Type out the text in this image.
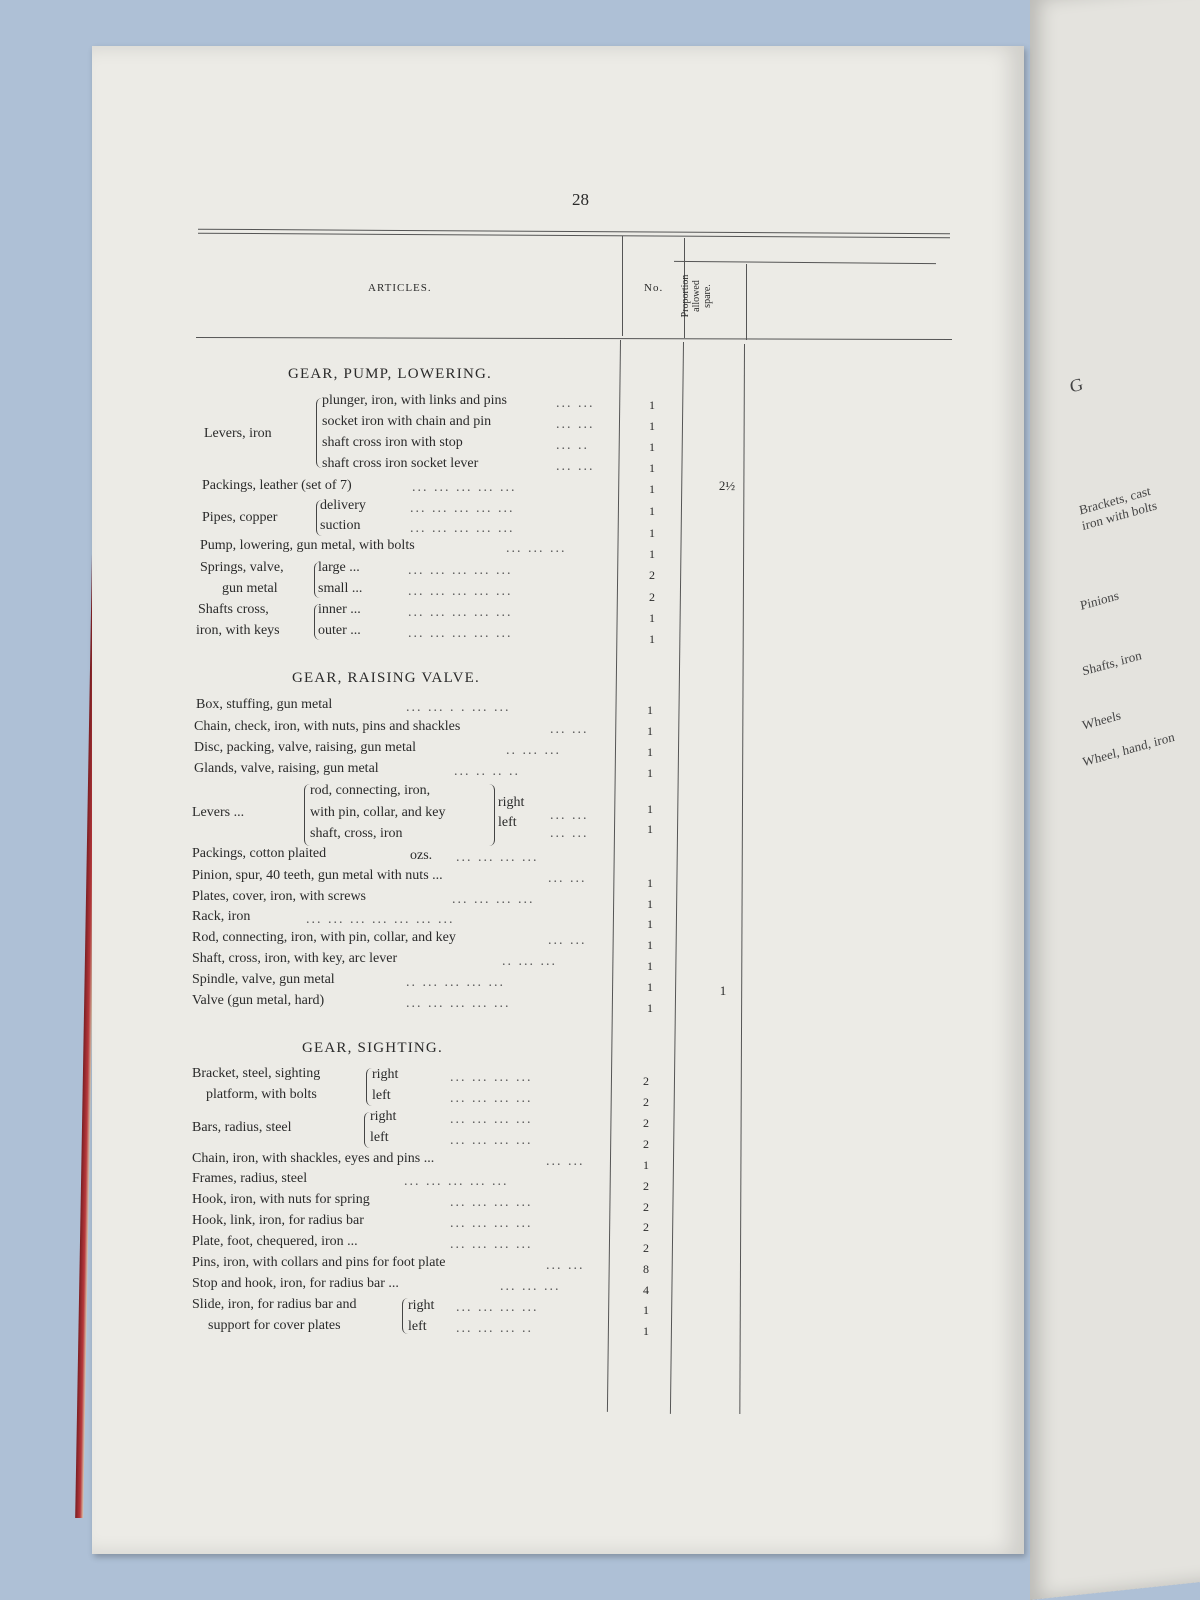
G
Brackets, cast iron with bolts
Pinions
Shafts, iron
Wheels
Wheel, hand, iron
28
ARTICLES.	No. Proportion allowed spare.
GEAR, PUMP, LOWERING.
Levers, iron
plunger, iron, with links and pins
socket iron with chain and pin
shaft cross iron with stop
shaft cross iron socket lever
Packings, leather (set of 7)
Pipes, copper
delivery
suction
Pump, lowering, gun metal, with bolts
Springs, valve,
gun metal
large ...
small ...
Shafts cross,
iron, with keys
inner ...
outer ...
GEAR, RAISING VALVE.
Box, stuffing, gun metal
Chain, check, iron, with nuts, pins and shackles
Disc, packing, valve, raising, gun metal
Glands, valve, raising, gun metal
Levers ...
rod, connecting, iron,
with pin, collar, and key
shaft, cross, iron
right
left
Packings, cotton plaited	ozs.
Pinion, spur, 40 teeth, gun metal with nuts ...
Plates, cover, iron, with screws
Rack, iron
Rod, connecting, iron, with pin, collar, and key
Shaft, cross, iron, with key, arc lever
Spindle, valve, gun metal
Valve (gun metal, hard)
GEAR, SIGHTING.
Bracket, steel, sighting
platform, with bolts
right
left
Bars, radius, steel
right
left
Chain, iron, with shackles, eyes and pins ...
Frames, radius, steel
Hook, iron, with nuts for spring
Hook, link, iron, for radius bar
Plate, foot, chequered, iron ...
Pins, iron, with collars and pins for foot plate
Stop and hook, iron, for radius bar ...
Slide, iron, for radius bar and
support for cover plates
right
left
... ...
... ...
... ..
... ...
... ... ... ... ...
... ... ... ... ...
... ... ... ... ...
... ... ...
... ... ... ... ...
... ... ... ... ...
... ... ... ... ...
... ... ... ... ...
... ... . . ... ...
... ...
.. ... ...
... .. .. ..
... ...
... ...
... ... ... ...
... ...
... ... ... ...
... ... ... ... ... ... ...
... ...
.. ... ...
.. ... ... ... ...
... ... ... ... ...
... ... ... ...
... ... ... ...
... ... ... ...
... ... ... ...
... ...
... ... ... ... ...
... ... ... ...
... ... ... ...
... ... ... ...
... ...
... ... ...
... ... ... ...
... ... ... ..
1
1
1
1
1
1
1
1
2
2
1
1
1
1
1
1
1
1
1
1
1
1
1
1
1
2
2
2
2
1
2
2
2
2
8
4
1
1
2½
1
